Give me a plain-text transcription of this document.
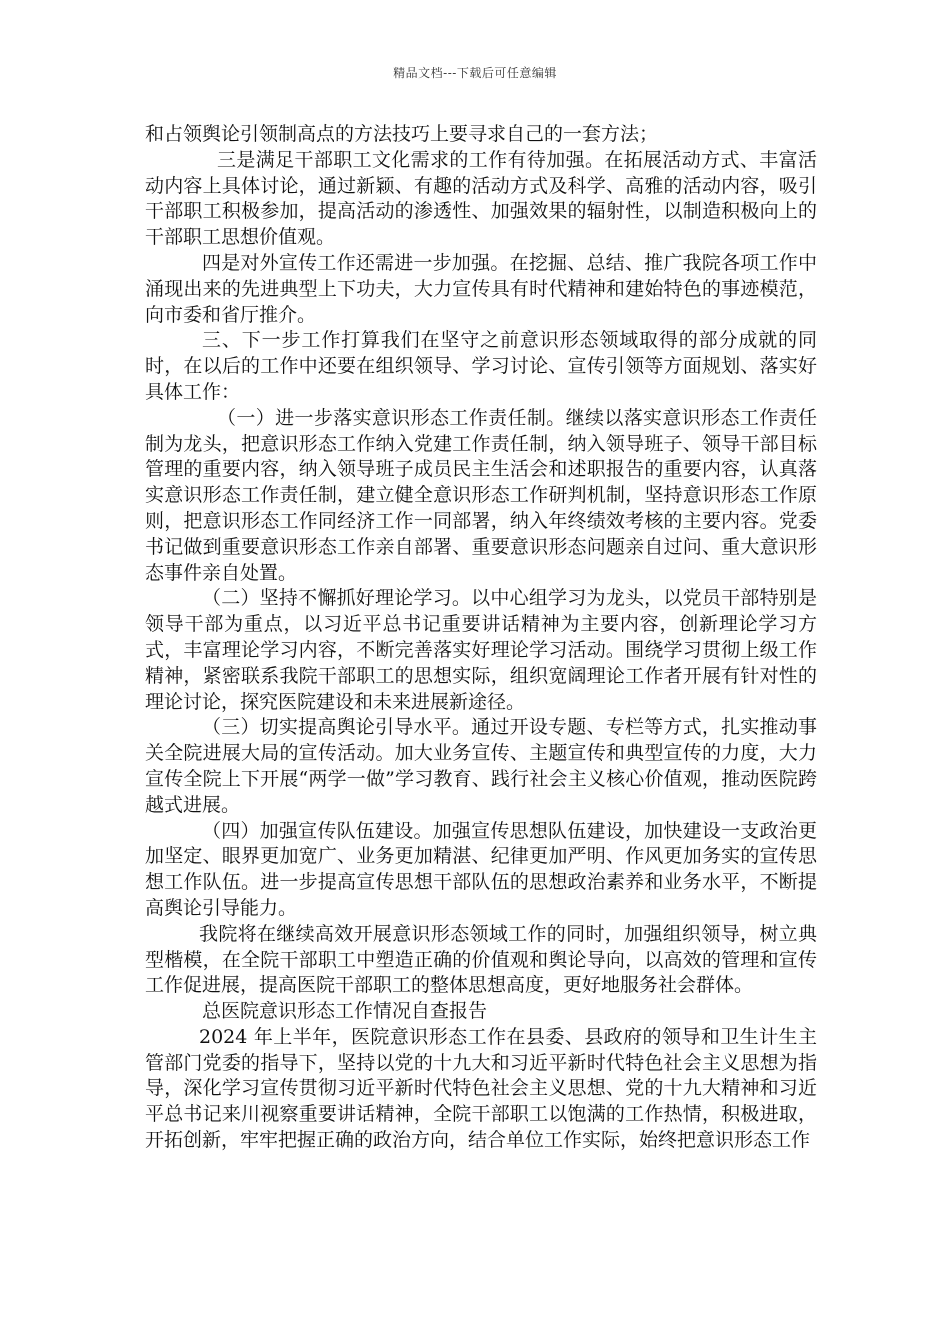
精品文档---下载后可任意编辑

和占领舆论引领制高点的方法技巧上要寻求自己的一套方法；

三是满足干部职工文化需求的工作有待加强。在拓展活动方式、丰富活动内容上具体讨论，通过新颖、有趣的活动方式及科学、高雅的活动内容，吸引干部职工积极参加，提高活动的渗透性、加强效果的辐射性，以制造积极向上的干部职工思想价值观。

四是对外宣传工作还需进一步加强。在挖掘、总结、推广我院各项工作中涌现出来的先进典型上下功夫，大力宣传具有时代精神和建始特色的事迹模范，向市委和省厅推介。

三、下一步工作打算我们在坚守之前意识形态领域取得的部分成就的同时，在以后的工作中还要在组织领导、学习讨论、宣传引领等方面规划、落实好具体工作：

（一）进一步落实意识形态工作责任制。继续以落实意识形态工作责任制为龙头，把意识形态工作纳入党建工作责任制，纳入领导班子、领导干部目标管理的重要内容，纳入领导班子成员民主生活会和述职报告的重要内容，认真落实意识形态工作责任制，建立健全意识形态工作研判机制，坚持意识形态工作原则，把意识形态工作同经济工作一同部署，纳入年终绩效考核的主要内容。党委书记做到重要意识形态工作亲自部署、重要意识形态问题亲自过问、重大意识形态事件亲自处置。

（二）坚持不懈抓好理论学习。以中心组学习为龙头，以党员干部特别是领导干部为重点，以习近平总书记重要讲话精神为主要内容，创新理论学习方式，丰富理论学习内容，不断完善落实好理论学习活动。围绕学习贯彻上级工作精神，紧密联系我院干部职工的思想实际，组织宽阔理论工作者开展有针对性的理论讨论，探究医院建设和未来进展新途径。

（三）切实提高舆论引导水平。通过开设专题、专栏等方式，扎实推动事关全院进展大局的宣传活动。加大业务宣传、主题宣传和典型宣传的力度，大力宣传全院上下开展“两学一做”学习教育、践行社会主义核心价值观，推动医院跨越式进展。

（四）加强宣传队伍建设。加强宣传思想队伍建设，加快建设一支政治更加坚定、眼界更加宽广、业务更加精湛、纪律更加严明、作风更加务实的宣传思想工作队伍。进一步提高宣传思想干部队伍的思想政治素养和业务水平，不断提高舆论引导能力。

我院将在继续高效开展意识形态领域工作的同时，加强组织领导，树立典型楷模，在全院干部职工中塑造正确的价值观和舆论导向，以高效的管理和宣传工作促进展，提高医院干部职工的整体思想高度，更好地服务社会群体。

总医院意识形态工作情况自查报告

2024 年上半年，医院意识形态工作在县委、县政府的领导和卫生计生主管部门党委的指导下，坚持以党的十九大和习近平新时代特色社会主义思想为指导，深化学习宣传贯彻习近平新时代特色社会主义思想、党的十九大精神和习近平总书记来川视察重要讲话精神，全院干部职工以饱满的工作热情，积极进取，开拓创新，牢牢把握正确的政治方向，结合单位工作实际，始终把意识形态工作
